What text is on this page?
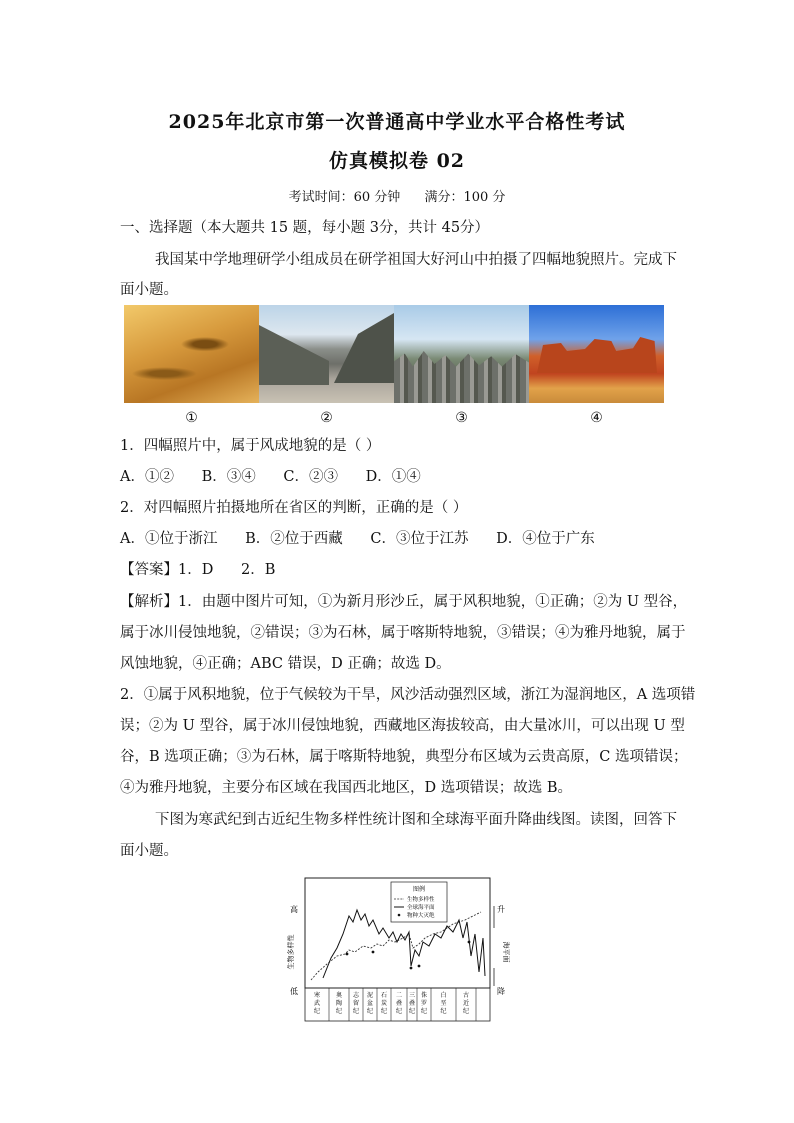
2025年北京市第一次普通高中学业水平合格性考试
仿真模拟卷 02
考试时间：60 分钟 满分：100 分
一、选择题（本大题共 15 题，每小题 3分，共计 45分）
我国某中学地理研学小组成员在研学祖国大好河山中拍摄了四幅地貌照片。完成下
面小题。
①	②	③	④
1．四幅照片中，属于风成地貌的是（ ）
A．①②      B．③④      C．②③      D．①④
2．对四幅照片拍摄地所在省区的判断，正确的是（ ）
A．①位于浙江      B．②位于西藏      C．③位于江苏      D．④位于广东
【答案】1．D      2．B
【解析】1．由题中图片可知，①为新月形沙丘，属于风积地貌，①正确；②为 U 型谷，
属于冰川侵蚀地貌，②错误；③为石林，属于喀斯特地貌，③错误；④为雅丹地貌，属于
风蚀地貌，④正确；ABC 错误，D 正确；故选 D。
2．①属于风积地貌，位于气候较为干旱，风沙活动强烈区域，浙江为湿润地区，A 选项错
误；②为 U 型谷，属于冰川侵蚀地貌，西藏地区海拔较高，由大量冰川，可以出现 U 型
谷，B 选项正确；③为石林，属于喀斯特地貌，典型分布区域为云贵高原，C 选项错误；
④为雅丹地貌，主要分布区域在我国西北地区，D 选项错误；故选 B。
下图为寒武纪到古近纪生物多样性统计图和全球海平面升降曲线图。读图，回答下
面小题。
高
低
生物多样性
升
降
海平面
图例
生物多样性
全球海平面
物种大灭绝
寒武纪
奥陶纪
志留纪
泥盆纪
石炭纪
二叠纪
三叠纪
侏罗纪
白垩纪
古近纪
